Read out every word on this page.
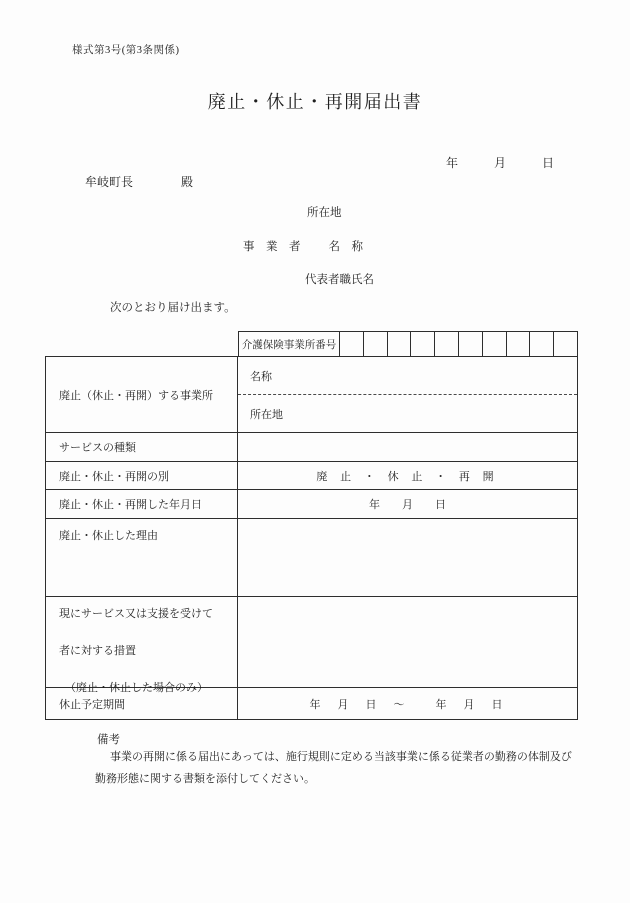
様式第3号(第3条関係)
廃止・休止・再開届出書
年　　　月　　　日
牟岐町長　　　　殿
所在地
事　業　者 名　称
代表者職氏名
次のとおり届け出ます。
介護保険事業所番号
廃止（休止・再開）する事業所
名称
所在地
サービスの種類
廃止・休止・再開の別	廃 止 ・ 休 止 ・ 再 開
廃止・休止・再開した年月日	年　　月　　日
廃止・休止した理由
現にサービス又は支援を受けて
者に対する措置
（廃止・休止した場合のみ）
休止予定期間	年　月　日　～　　年　月　日
備考
事業の再開に係る届出にあっては、施行規則に定める当該事業に係る従業者の勤務の体制及び
勤務形態に関する書類を添付してください。
